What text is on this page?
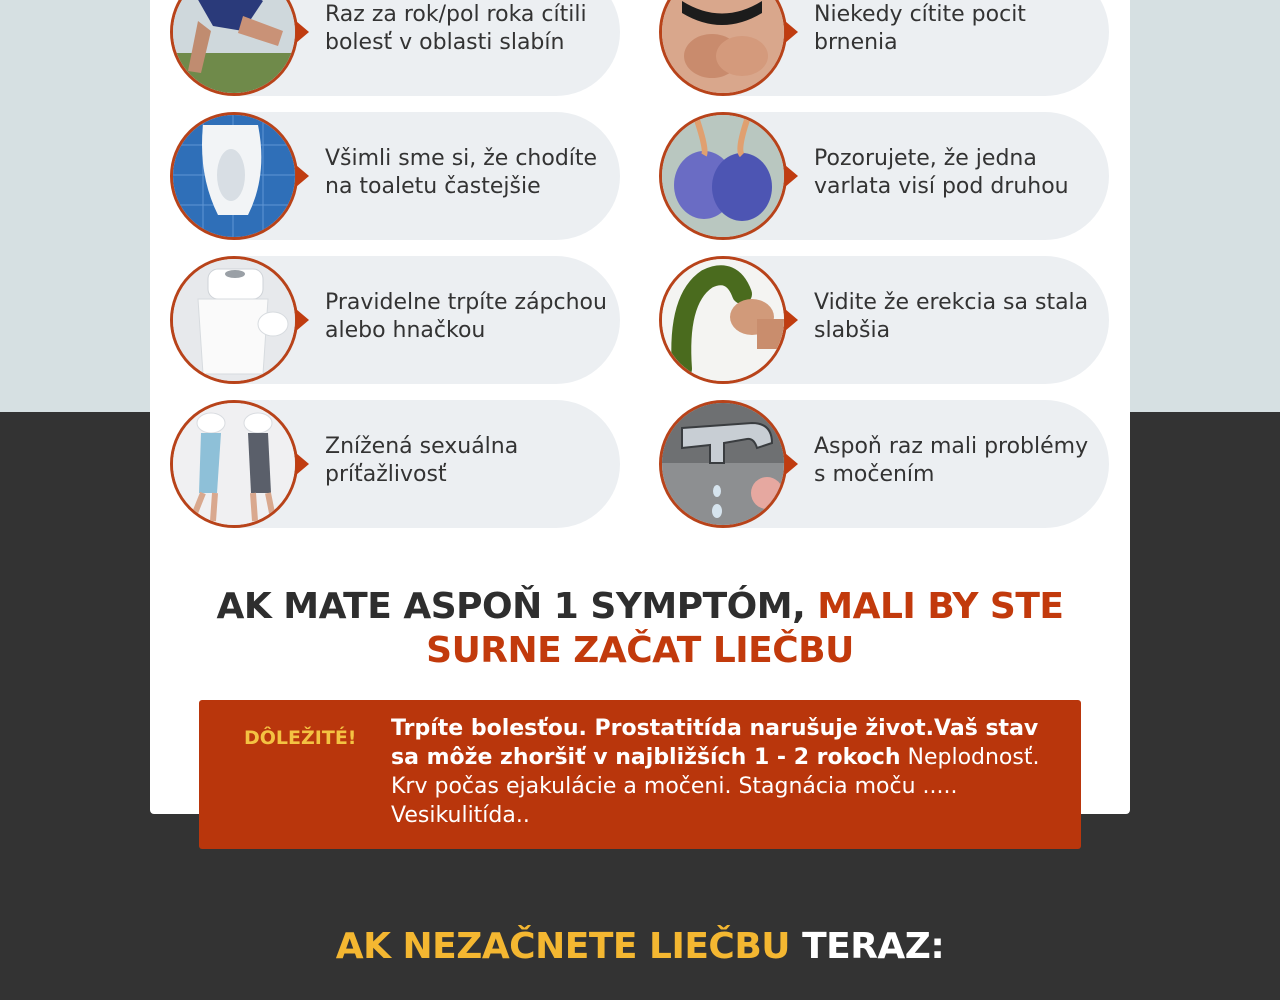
Raz za rok/pol roka cítili bolesť v oblasti slabín
Niekedy cítite pocit brnenia
Všimli sme si, že chodíte na toaletu častejšie
Pozorujete, že jedna varlata visí pod druhou
Pravidelne trpíte zápchou alebo hnačkou
Vidite že erekcia sa stala slabšia
Znížená sexuálna príťažlivosť
Aspoň raz mali problémy s močením
AK MATE ASPOŇ 1 SYMPTÓM, MALI BY STE SURNE ZAČAT LIEČBU
DÔLEŽITÉ! Trpíte bolesťou. Prostatitída narušuje život.Vaš stav sa môže zhoršiť v najbližších 1 - 2 rokoch Neplodnosť. Krv počas ejakulácie a močeni. Stagnácia moču ..... Vesikulitída..
AK NEZAČNETE LIEČBU TERAZ:
